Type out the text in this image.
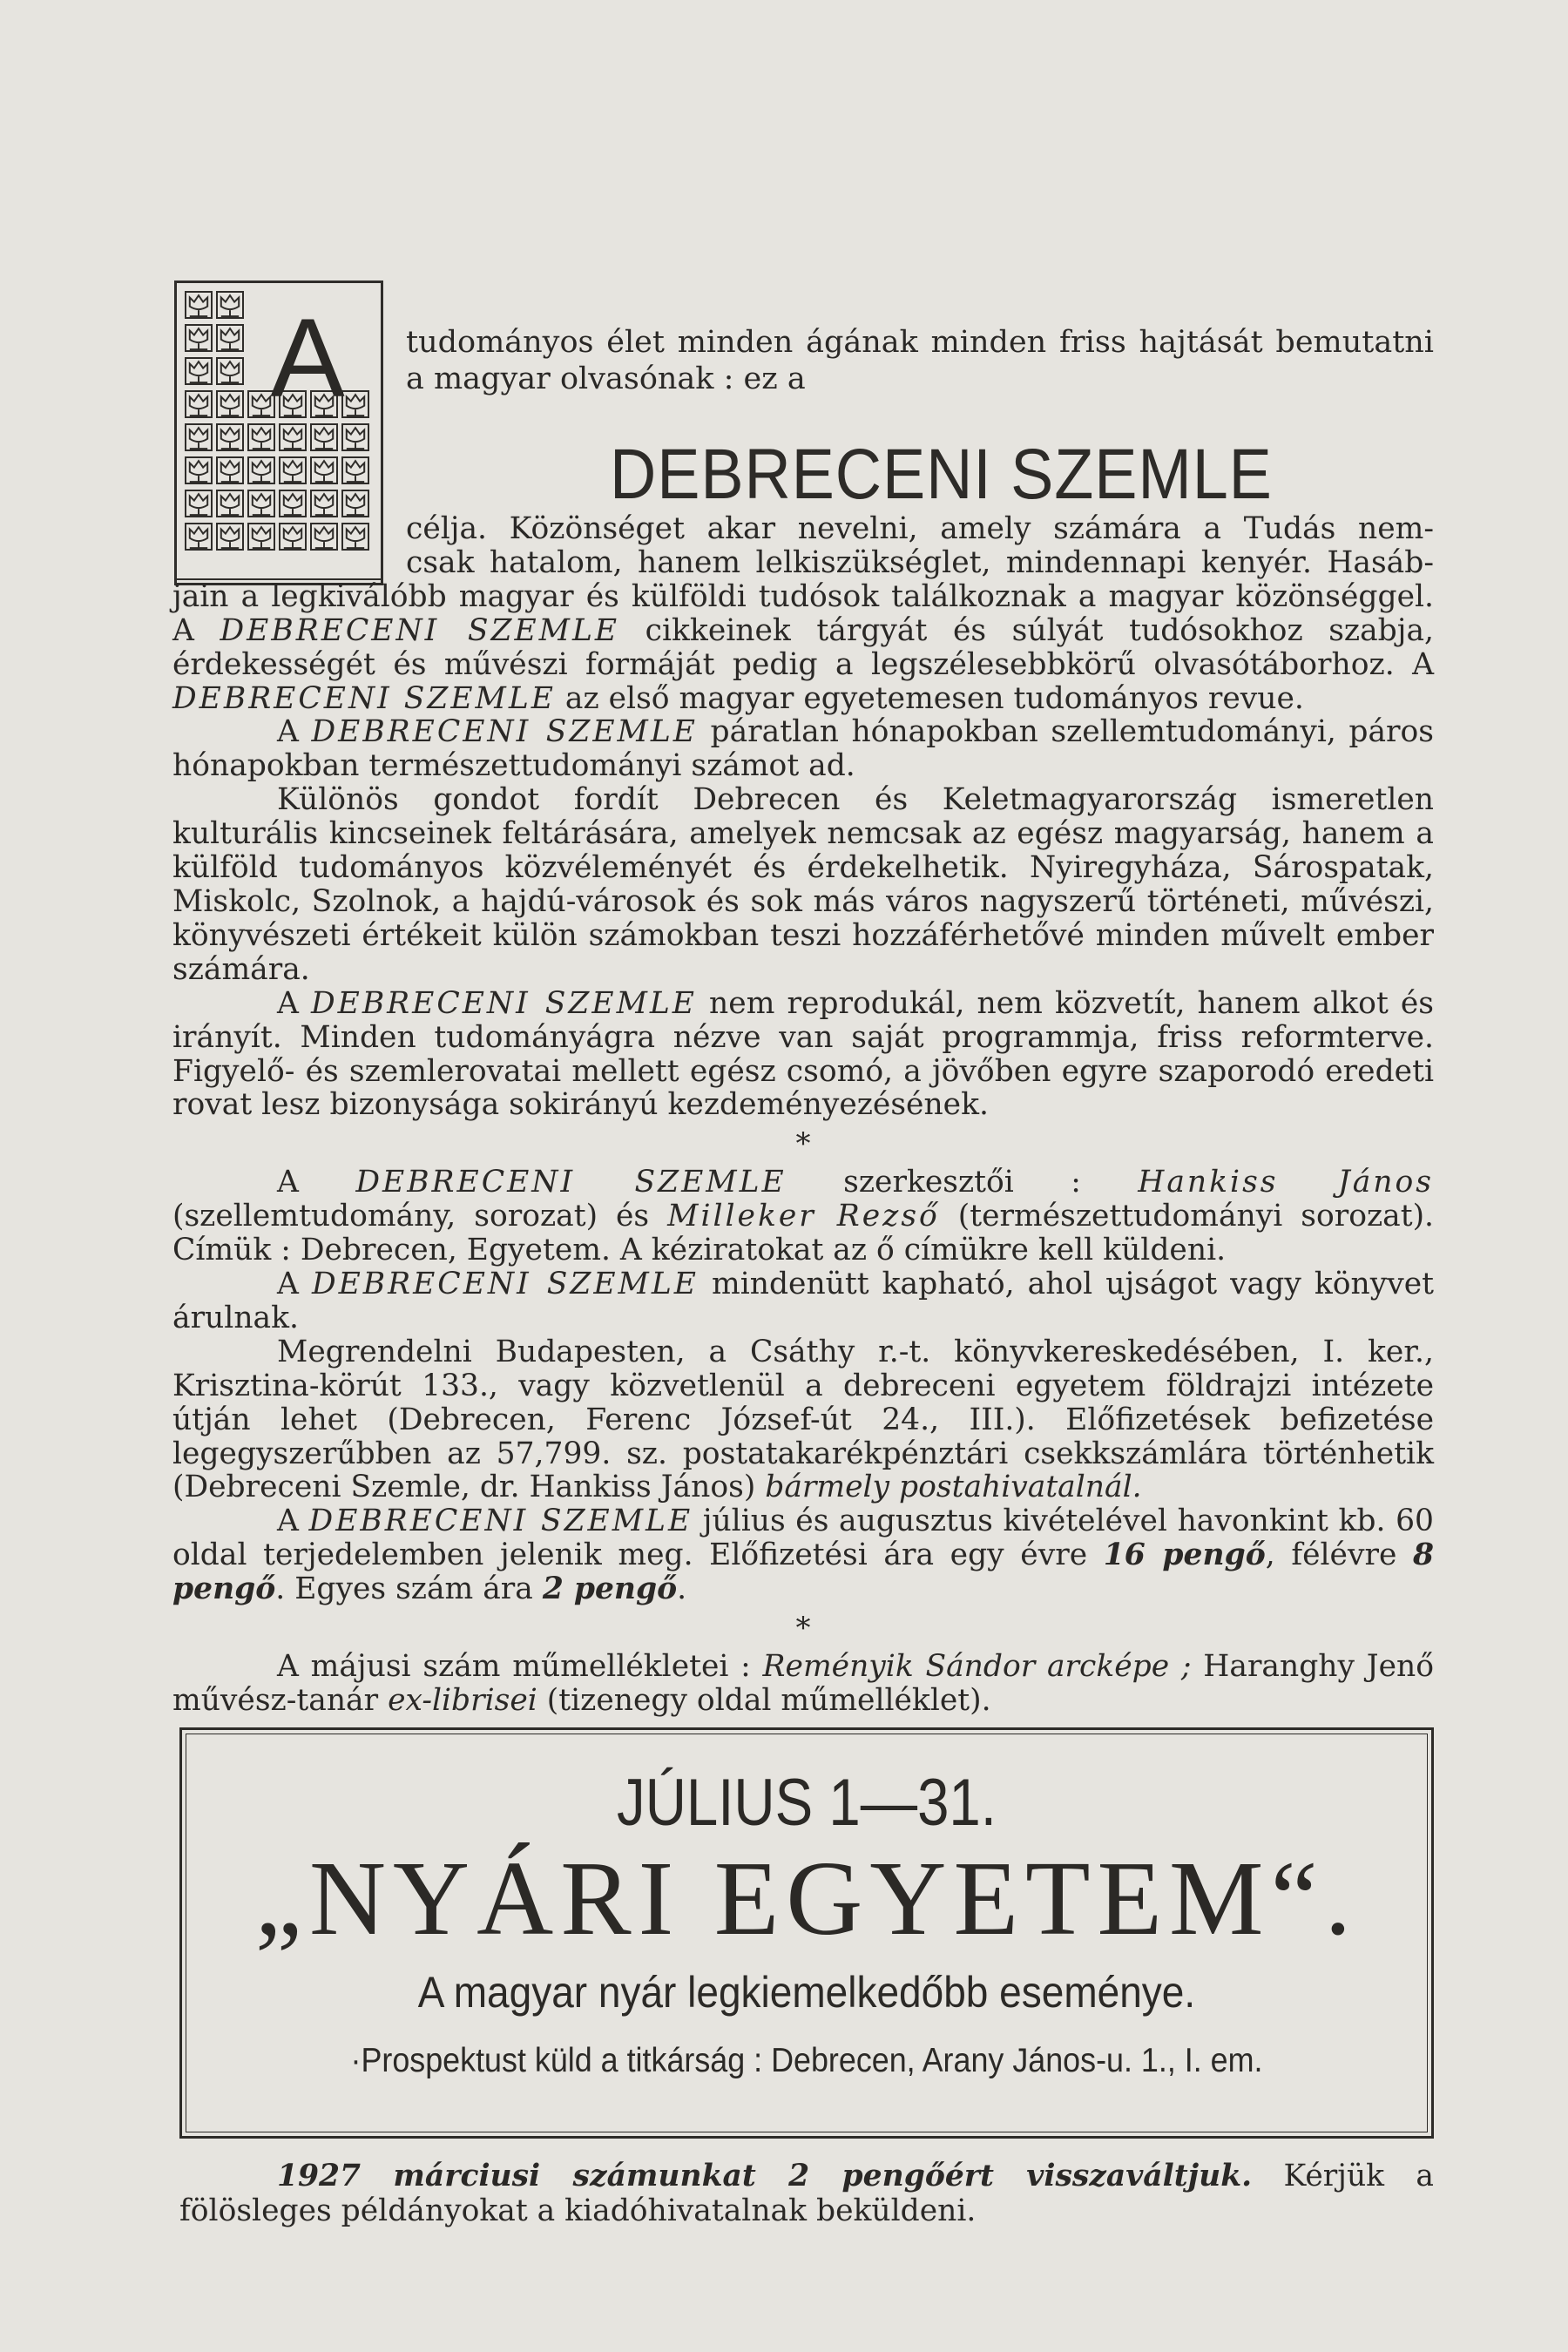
A tudományos élet minden ágának minden friss hajtását bemutatni a magyar olvasónak : ez a
DEBRECENI SZEMLE
célja. Közönséget akar nevelni, amely számára a Tudás nem-
csak hatalom, hanem lelkiszükséglet, mindennapi kenyér. Hasáb-

jain a legkiválóbb magyar és külföldi tudósok találkoznak a magyar közönséggel. A DEBRECENI SZEMLE cikkeinek tárgyát és súlyát tudósokhoz szabja, érdekességét és művészi formáját pedig a legszélesebbkörű olvasótáborhoz. A DEBRECENI SZEMLE az első magyar egyetemesen tudományos revue.

A DEBRECENI SZEMLE páratlan hónapokban szellemtudományi, páros hónapokban természettudományi számot ad.

Különös gondot fordít Debrecen és Keletmagyarország ismeretlen kulturális kincseinek feltárására, amelyek nemcsak az egész magyarság, hanem a külföld tudományos közvéleményét és érdekelhetik. Nyiregyháza, Sárospatak, Miskolc, Szolnok, a hajdú-városok és sok más város nagyszerű történeti, művészi, könyvészeti értékeit külön számokban teszi hozzáférhetővé minden művelt ember számára.

A DEBRECENI SZEMLE nem reprodukál, nem közvetít, hanem alkot és irányít. Minden tudományágra nézve van saját programmja, friss reformterve. Figyelő- és szemlerovatai mellett egész csomó, a jövőben egyre szaporodó eredeti rovat lesz bizonysága sokirányú kezdeményezésének.

*

A DEBRECENI SZEMLE szerkesztői : Hankiss János (szellemtudomány, sorozat) és Milleker Rezső (természettudományi sorozat). Címük : Debrecen, Egyetem. A kéziratokat az ő címükre kell küldeni.

A DEBRECENI SZEMLE mindenütt kapható, ahol ujságot vagy könyvet árulnak.

Megrendelni Budapesten, a Csáthy r.-t. könyvkereskedésében, I. ker., Krisztina-körút 133., vagy közvetlenül a debreceni egyetem földrajzi intézete útján lehet (Debrecen, Ferenc József-út 24., III.). Előfizetések befizetése legegyszerűbben az 57,799. sz. postatakarékpénztári csekkszámlára történhetik (Debreceni Szemle, dr. Hankiss János) bármely postahivatalnál.

A DEBRECENI SZEMLE július és augusztus kivételével havonkint kb. 60 oldal terjedelemben jelenik meg. Előfizetési ára egy évre 16 pengő, félévre 8 pengő. Egyes szám ára 2 pengő.

*

A májusi szám műmellékletei : Reményik Sándor arcképe ; Haranghy Jenő művész-tanár ex-librisei (tizenegy oldal műmelléklet).

JÚLIUS 1—31.
„NYÁRI EGYETEM“.
A magyar nyár legkiemelkedőbb eseménye.
·Prospektust küld a titkárság : Debrecen, Arany János-u. 1., I. em.

1927 márciusi számunkat 2 pengőért visszaváltjuk. Kérjük a fölösleges példányokat a kiadóhivatalnak beküldeni.
